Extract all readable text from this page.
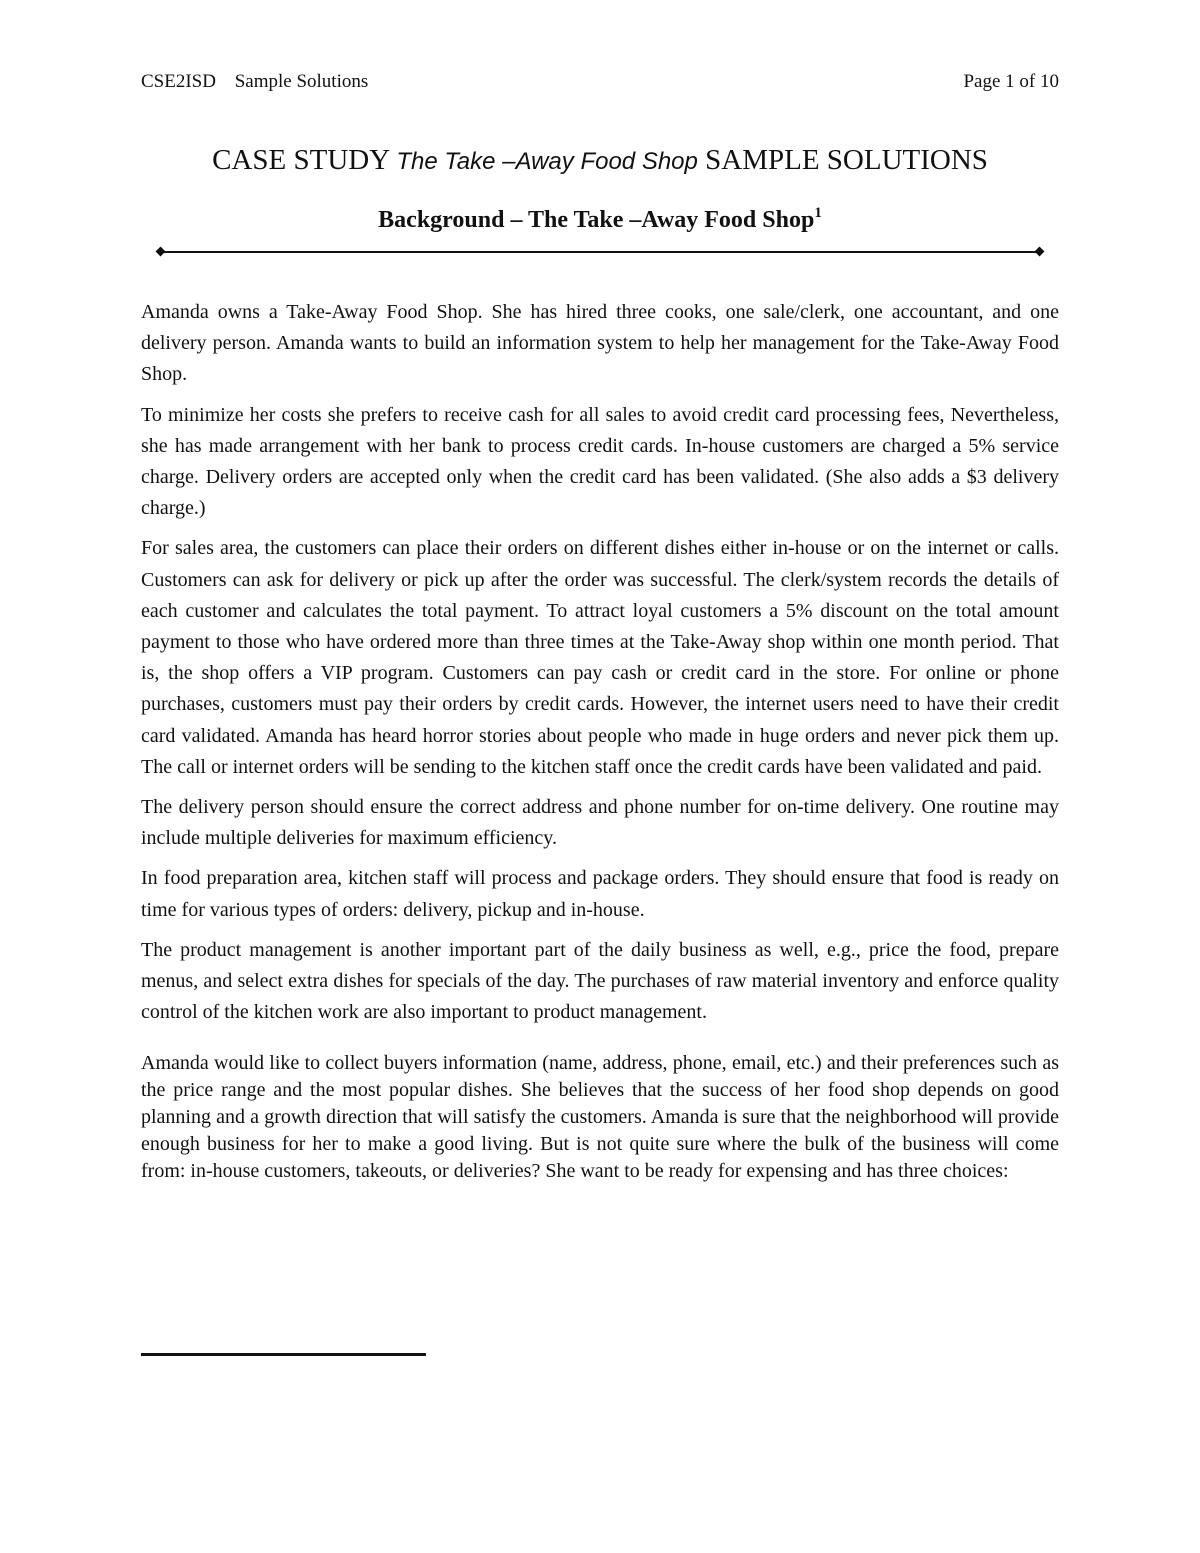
CSE2ISD Sample Solutions	Page 1 of 10
CASE STUDY The Take –Away Food Shop SAMPLE SOLUTIONS
Background – The Take –Away Food Shop$^1$

Amanda owns a Take-Away Food Shop. She has hired three cooks, one sale/clerk, one accountant, and one delivery person. Amanda wants to build an information system to help her management for the Take-Away Food Shop.

To minimize her costs she prefers to receive cash for all sales to avoid credit card processing fees, Nevertheless, she has made arrangement with her bank to process credit cards. In-house customers are charged a 5% service charge. Delivery orders are accepted only when the credit card has been validated. (She also adds a $3 delivery charge.)

For sales area, the customers can place their orders on different dishes either in-house or on the internet or calls. Customers can ask for delivery or pick up after the order was successful. The clerk/system records the details of each customer and calculates the total payment. To attract loyal customers a 5% discount on the total amount payment to those who have ordered more than three times at the Take-Away shop within one month period. That is, the shop offers a VIP program. Customers can pay cash or credit card in the store. For online or phone purchases, customers must pay their orders by credit cards. However, the internet users need to have their credit card validated. Amanda has heard horror stories about people who made in huge orders and never pick them up. The call or internet orders will be sending to the kitchen staff once the credit cards have been validated and paid.

The delivery person should ensure the correct address and phone number for on-time delivery. One routine may include multiple deliveries for maximum efficiency.

In food preparation area, kitchen staff will process and package orders. They should ensure that food is ready on time for various types of orders: delivery, pickup and in-house.

The product management is another important part of the daily business as well, e.g., price the food, prepare menus, and select extra dishes for specials of the day. The purchases of raw material inventory and enforce quality control of the kitchen work are also important to product management.

Amanda would like to collect buyers information (name, address, phone, email, etc.) and their preferences such as the price range and the most popular dishes. She believes that the success of her food shop depends on good planning and a growth direction that will satisfy the customers. Amanda is sure that the neighborhood will provide enough business for her to make a good living. But is not quite sure where the bulk of the business will come from: in-house customers, takeouts, or deliveries? She want to be ready for expensing and has three choices:
